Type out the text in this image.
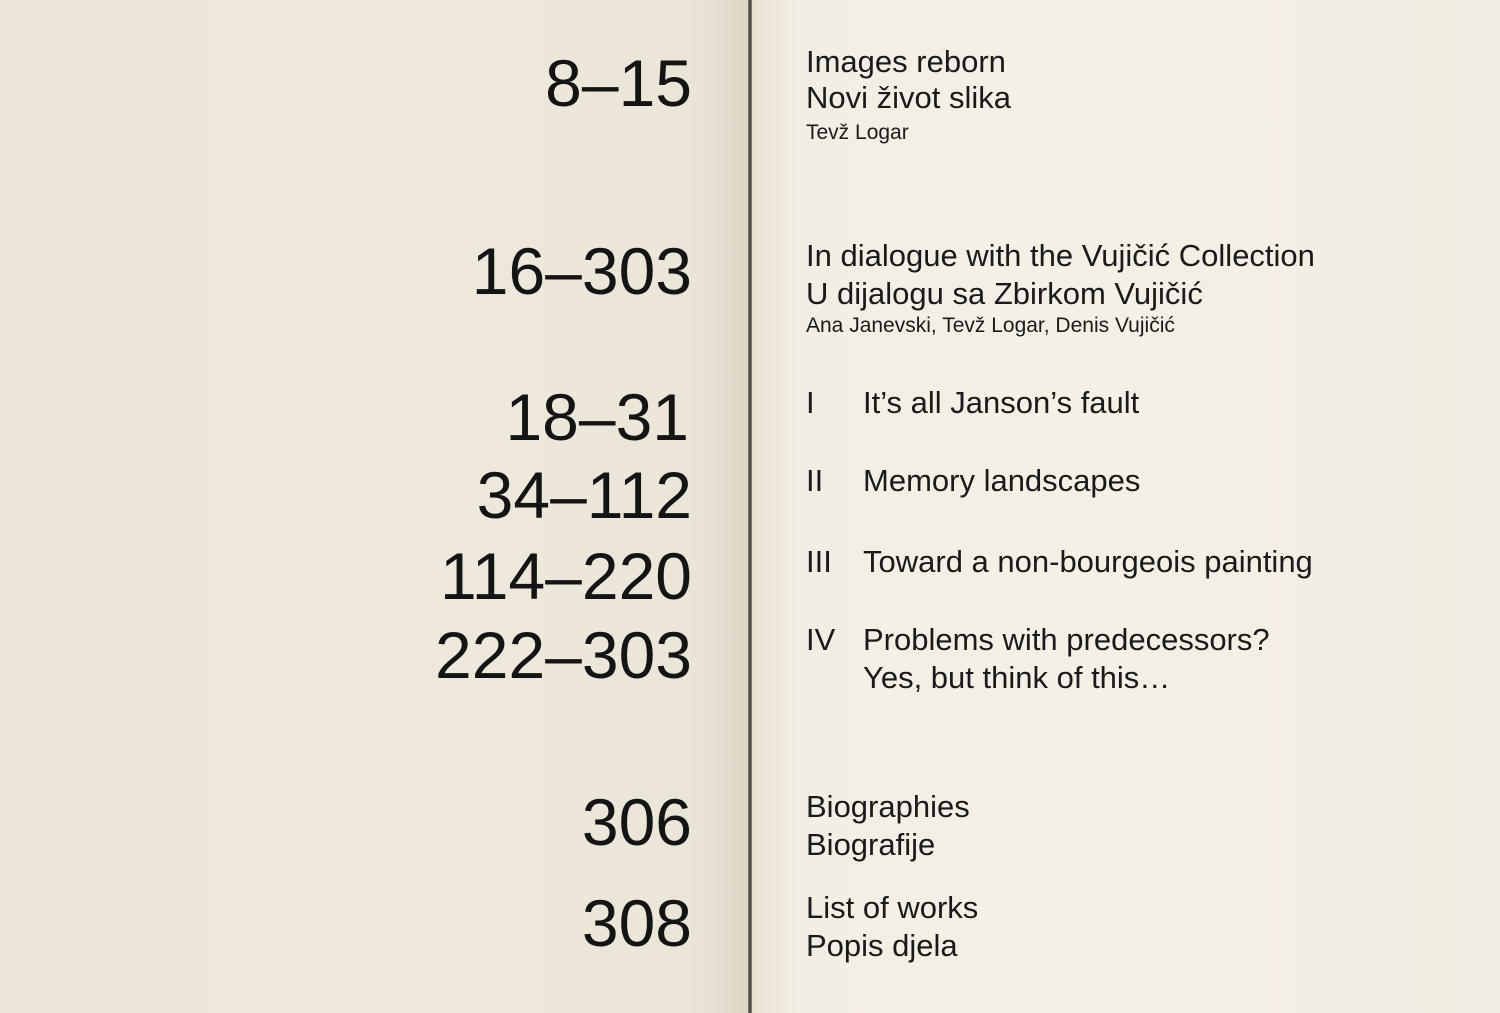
8–15
16–303
18–31
34–112
114–220
222–303
306
308
Images reborn
Novi život slika
Tevž Logar
In dialogue with the Vujičić Collection
U dijalogu sa Zbirkom Vujičić
Ana Janevski, Tevž Logar, Denis Vujičić
I It’s all Janson’s fault
II Memory landscapes
III Toward a non-bourgeois painting
IV Problems with predecessors?
Yes, but think of this…
Biographies
Biografije
List of works
Popis djela
